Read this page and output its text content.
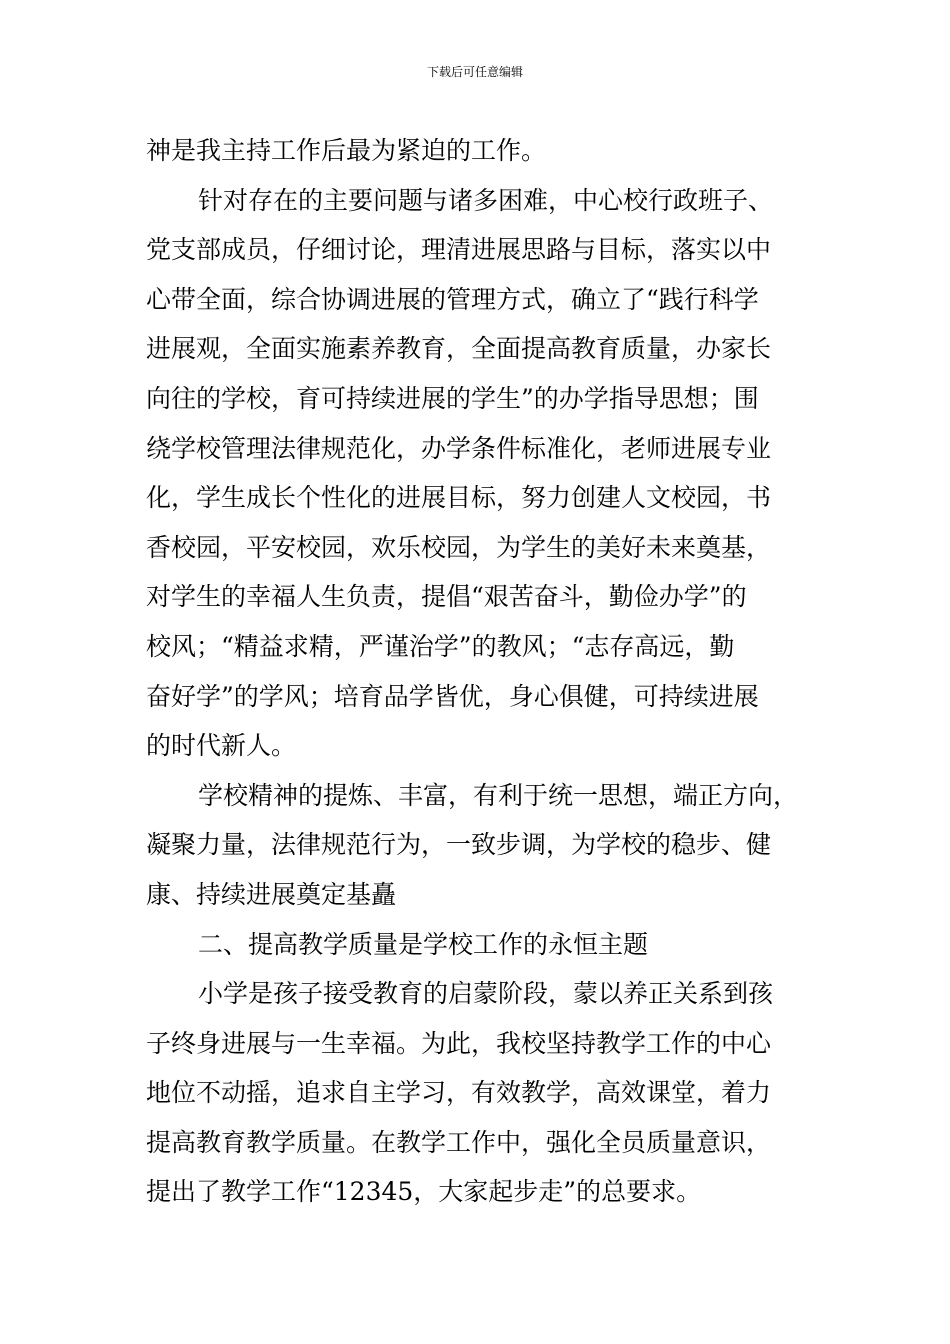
下载后可任意编辑
神是我主持工作后最为紧迫的工作。
针对存在的主要问题与诸多困难，中心校行政班子、
党支部成员，仔细讨论，理清进展思路与目标，落实以中
心带全面，综合协调进展的管理方式，确立了“践行科学
进展观，全面实施素养教育，全面提高教育质量，办家长
向往的学校，育可持续进展的学生”的办学指导思想；围
绕学校管理法律规范化，办学条件标准化，老师进展专业
化，学生成长个性化的进展目标，努力创建人文校园，书
香校园，平安校园，欢乐校园，为学生的美好未来奠基，
对学生的幸福人生负责，提倡“艰苦奋斗，勤俭办学”的
校风；“精益求精，严谨治学”的教风；“志存高远，勤
奋好学”的学风；培育品学皆优，身心俱健，可持续进展
的时代新人。
学校精神的提炼、丰富，有利于统一思想，端正方向，
凝聚力量，法律规范行为，一致步调，为学校的稳步、健
康、持续进展奠定基矗
二、提高教学质量是学校工作的永恒主题
小学是孩子接受教育的启蒙阶段，蒙以养正关系到孩
子终身进展与一生幸福。为此，我校坚持教学工作的中心
地位不动摇，追求自主学习，有效教学，高效课堂，着力
提高教育教学质量。在教学工作中，强化全员质量意识，
提出了教学工作“12345，大家起步走”的总要求。
